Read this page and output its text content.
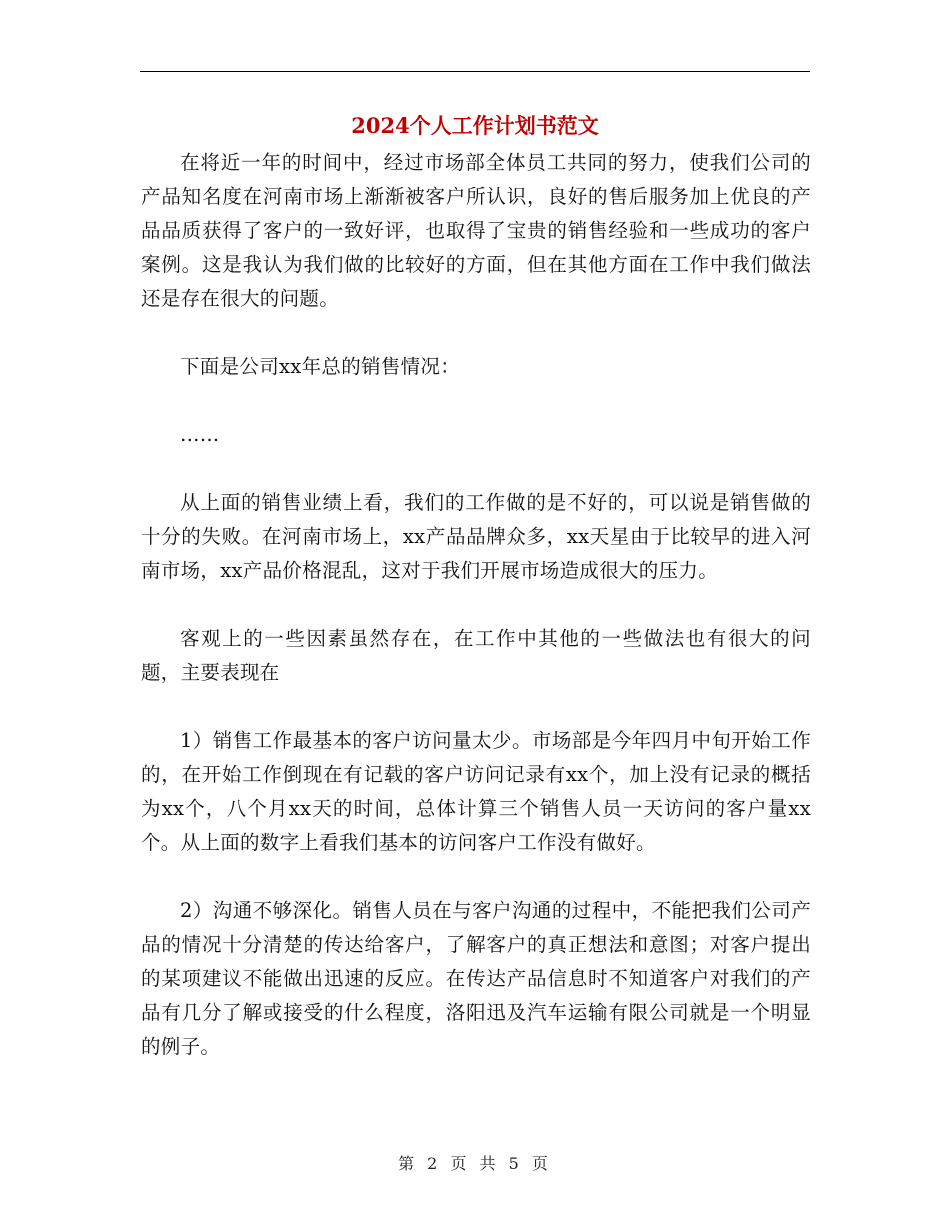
2024个人工作计划书范文

在将近一年的时间中，经过市场部全体员工共同的努力，使我们公司的产品知名度在河南市场上渐渐被客户所认识，良好的售后服务加上优良的产品品质获得了客户的一致好评，也取得了宝贵的销售经验和一些成功的客户案例。这是我认为我们做的比较好的方面，但在其他方面在工作中我们做法还是存在很大的问题。

下面是公司xx年总的销售情况：

……

从上面的销售业绩上看，我们的工作做的是不好的，可以说是销售做的十分的失败。在河南市场上，xx产品品牌众多，xx天星由于比较早的进入河南市场，xx产品价格混乱，这对于我们开展市场造成很大的压力。

客观上的一些因素虽然存在，在工作中其他的一些做法也有很大的问题，主要表现在

1）销售工作最基本的客户访问量太少。市场部是今年四月中旬开始工作的，在开始工作倒现在有记载的客户访问记录有xx个，加上没有记录的概括为xx个，八个月xx天的时间，总体计算三个销售人员一天访问的客户量xx个。从上面的数字上看我们基本的访问客户工作没有做好。

2）沟通不够深化。销售人员在与客户沟通的过程中，不能把我们公司产品的情况十分清楚的传达给客户，了解客户的真正想法和意图；对客户提出的某项建议不能做出迅速的反应。在传达产品信息时不知道客户对我们的产品有几分了解或接受的什么程度，洛阳迅及汽车运输有限公司就是一个明显的例子。

第 2 页 共 5 页
